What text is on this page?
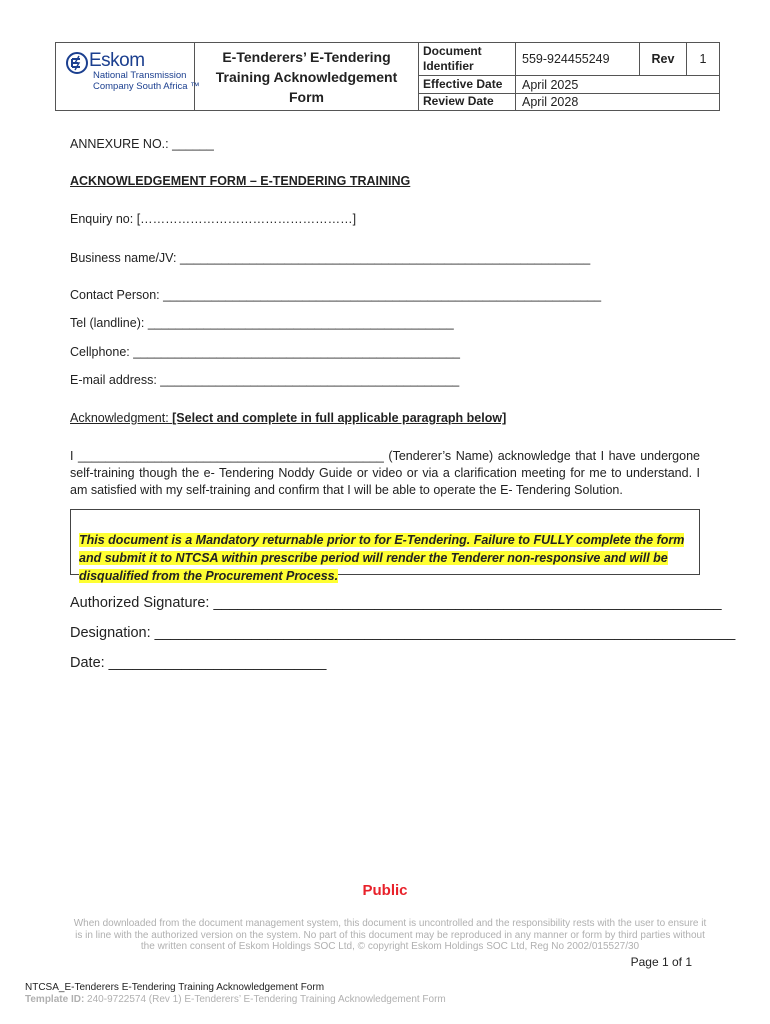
Eskom
National Transmission
Company South Africa ™	E-Tenderers’ E-Tendering Training Acknowledgement Form	Document Identifier	559-924455249	Rev	1
		Effective Date	April 2025		
		Review Date	April 2028		
ANNEXURE NO.: ______
ACKNOWLEDGEMENT FORM – E-TENDERING TRAINING
Enquiry no: [……………………………………………]
Business name/JV: ___________________________________________________________
Contact Person: _______________________________________________________________
Tel (landline): ____________________________________________
Cellphone: _______________________________________________
E-mail address: ___________________________________________
Acknowledgment: [Select and complete in full applicable paragraph below]
I ____________________________________________ (Tenderer’s Name) acknowledge that I have undergone self-training though the e- Tendering Noddy Guide or video or via a clarification meeting for me to understand. I am satisfied with my self-training and confirm that I will be able to operate the E- Tendering Solution.
This document is a Mandatory returnable prior to for E-Tendering. Failure to FULLY complete the form and submit it to NTCSA within prescribe period will render the Tenderer non-responsive and will be disqualified from the Procurement Process.
Authorized Signature: _______________________________________________________________
Designation: ________________________________________________________________________
Date: ___________________________
Public
When downloaded from the document management system, this document is uncontrolled and the responsibility rests with the user to ensure it is in line with the authorized version on the system. No part of this document may be reproduced in any manner or form by third parties without the written consent of Eskom Holdings SOC Ltd, © copyright Eskom Holdings SOC Ltd, Reg No 2002/015527/30
Page 1 of 1
NTCSA_E-Tenderers E-Tendering Training Acknowledgement Form
Template ID: 240-9722574 (Rev 1) E-Tenderers’ E-Tendering Training Acknowledgement Form
